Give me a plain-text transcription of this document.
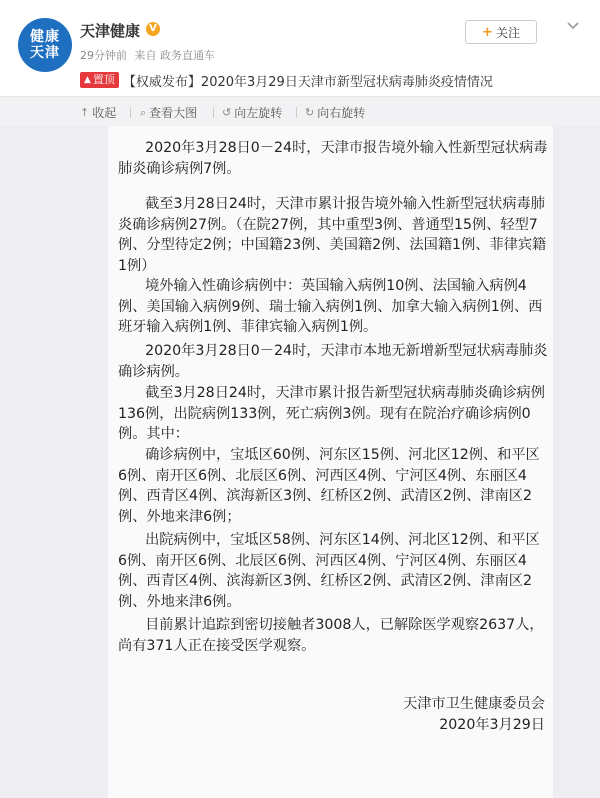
健康
天津
天津健康 V
29分钟前 来自 政务直通车
+ 关注
▲ 置顶 【权威发布】2020年3月29日天津市新型冠状病毒肺炎疫情情况
↑ 收起 ⌕ 查看大图 ↺ 向左旋转 ↻ 向右旋转
2020年3月28日0－24时，天津市报告境外输入性新型冠状病毒肺炎确诊病例7例。
截至3月28日24时，天津市累计报告境外输入性新型冠状病毒肺炎确诊病例27例。（在院27例，其中重型3例、普通型15例、轻型7例、分型待定2例；中国籍23例、美国籍2例、法国籍1例、菲律宾籍1例）
境外输入性确诊病例中：英国输入病例10例、法国输入病例4例、美国输入病例9例、瑞士输入病例1例、加拿大输入病例1例、西班牙输入病例1例、菲律宾输入病例1例。
2020年3月28日0－24时，天津市本地无新增新型冠状病毒肺炎确诊病例。
截至3月28日24时，天津市累计报告新型冠状病毒肺炎确诊病例136例，出院病例133例，死亡病例3例。现有在院治疗确诊病例0例。其中：
确诊病例中，宝坻区60例、河东区15例、河北区12例、和平区6例、南开区6例、北辰区6例、河西区4例、宁河区4例、东丽区4例、西青区4例、滨海新区3例、红桥区2例、武清区2例、津南区2例、外地来津6例；
出院病例中，宝坻区58例、河东区14例、河北区12例、和平区6例、南开区6例、北辰区6例、河西区4例、宁河区4例、东丽区4例、西青区4例、滨海新区3例、红桥区2例、武清区2例、津南区2例、外地来津6例。
目前累计追踪到密切接触者3008人，已解除医学观察2637人，尚有371人正在接受医学观察。
天津市卫生健康委员会
2020年3月29日
